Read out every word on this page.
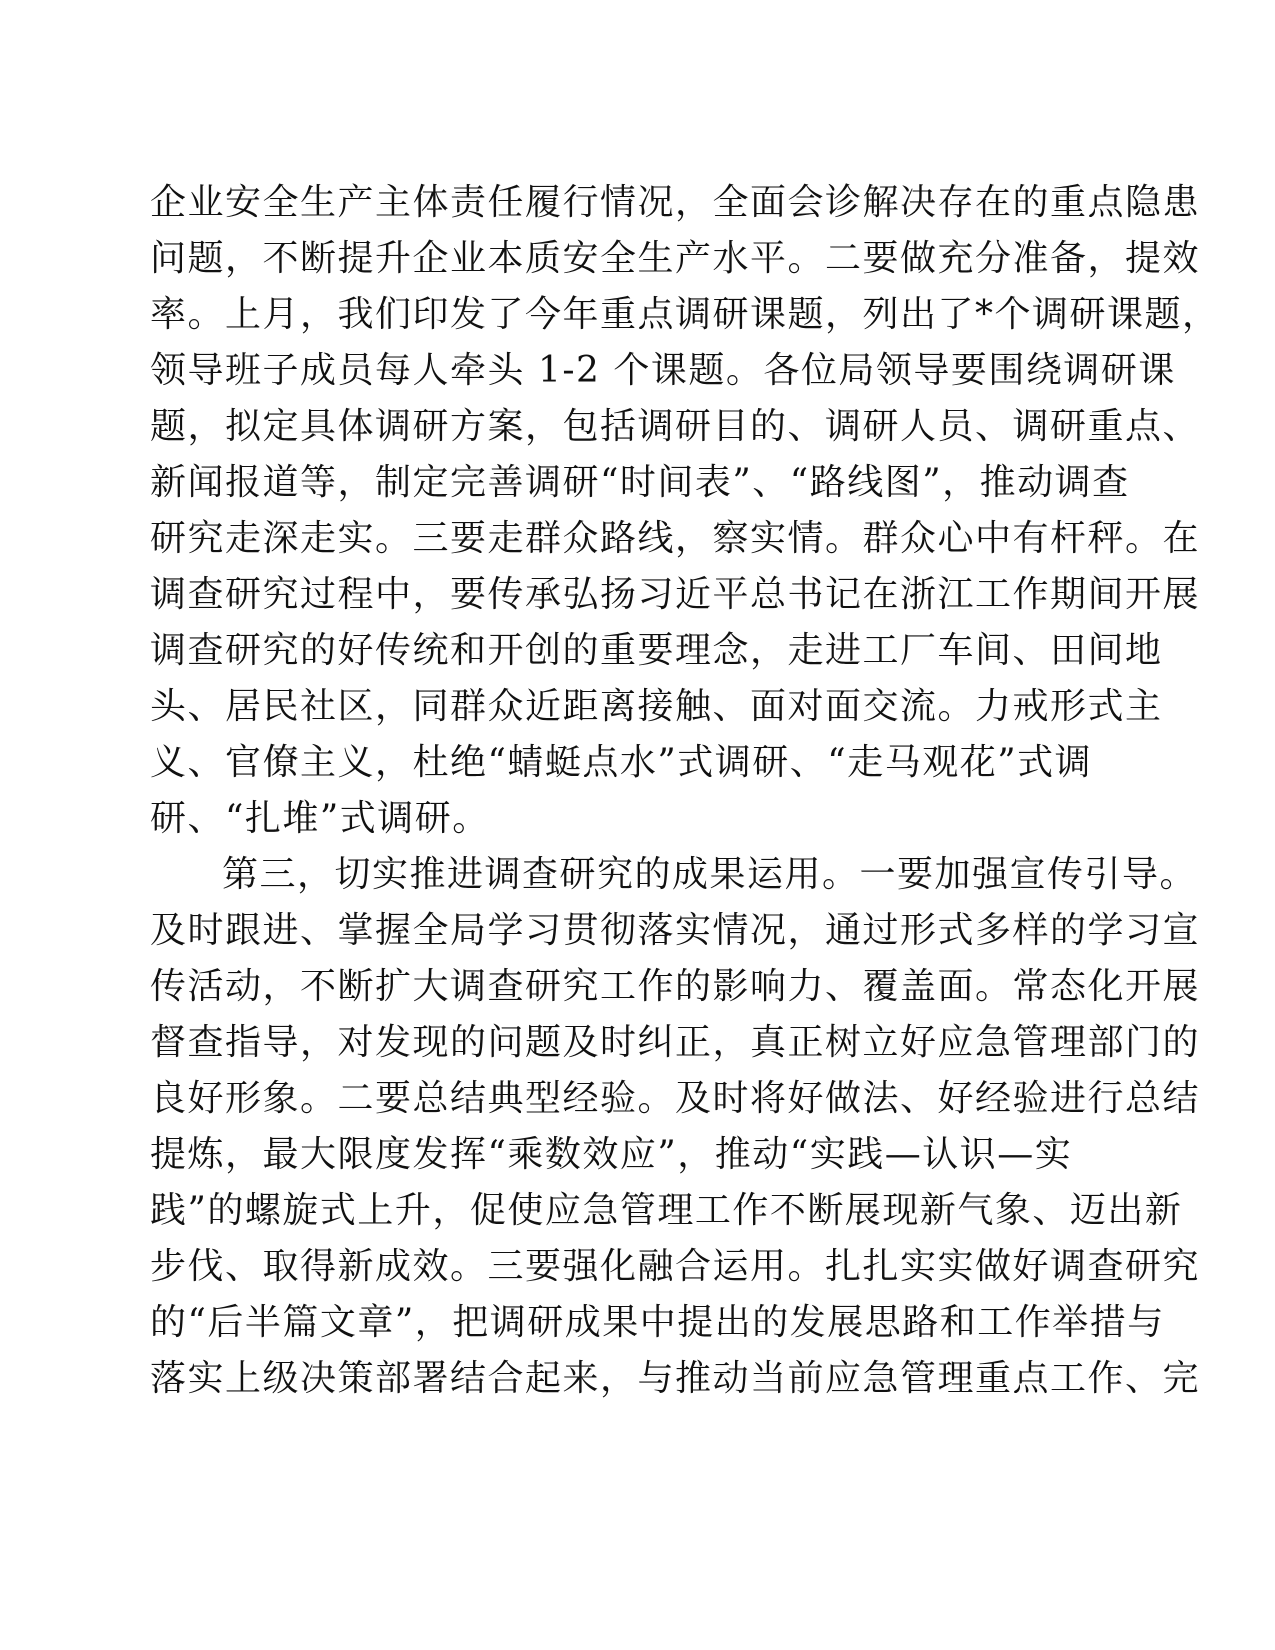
企业安全生产主体责任履行情况，全面会诊解决存在的重点隐患
问题，不断提升企业本质安全生产水平。二要做充分准备，提效
率。上月，我们印发了今年重点调研课题，列出了*个调研课题，
领导班子成员每人牵头 1-2 个课题。各位局领导要围绕调研课
题，拟定具体调研方案，包括调研目的、调研人员、调研重点、
新闻报道等，制定完善调研“时间表”、“路线图”，推动调查
研究走深走实。三要走群众路线，察实情。群众心中有杆秤。在
调查研究过程中，要传承弘扬习近平总书记在浙江工作期间开展
调查研究的好传统和开创的重要理念，走进工厂车间、田间地
头、居民社区，同群众近距离接触、面对面交流。力戒形式主
义、官僚主义，杜绝“蜻蜓点水”式调研、“走马观花”式调
研、“扎堆”式调研。
第三，切实推进调查研究的成果运用。一要加强宣传引导。
及时跟进、掌握全局学习贯彻落实情况，通过形式多样的学习宣
传活动，不断扩大调查研究工作的影响力、覆盖面。常态化开展
督查指导，对发现的问题及时纠正，真正树立好应急管理部门的
良好形象。二要总结典型经验。及时将好做法、好经验进行总结
提炼，最大限度发挥“乘数效应”，推动“实践—认识—实
践”的螺旋式上升，促使应急管理工作不断展现新气象、迈出新
步伐、取得新成效。三要强化融合运用。扎扎实实做好调查研究
的“后半篇文章”，把调研成果中提出的发展思路和工作举措与
落实上级决策部署结合起来，与推动当前应急管理重点工作、完
